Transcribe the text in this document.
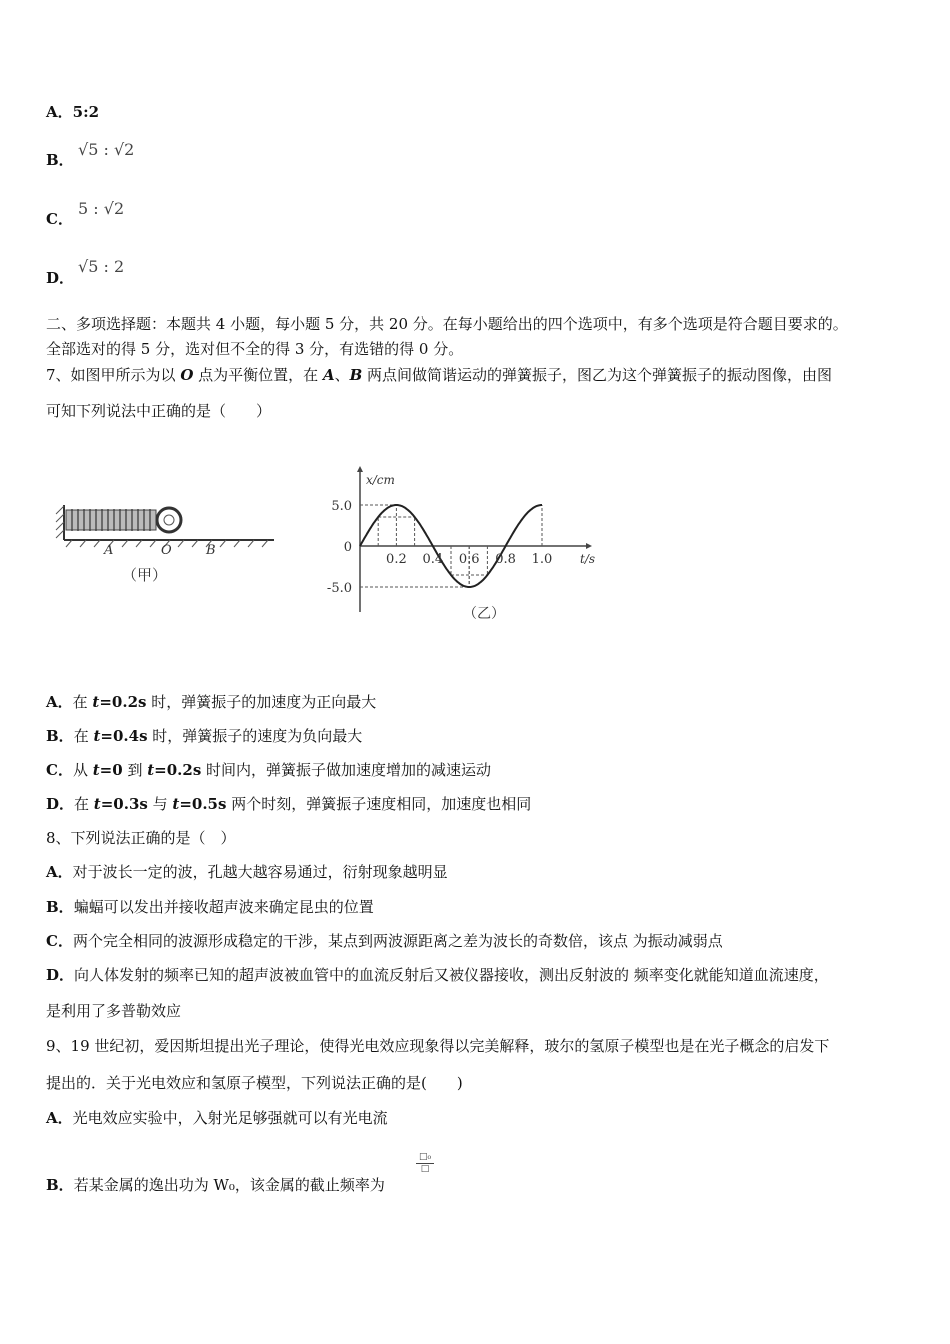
A．5:2
B．
√5 : √2
C．
5 : √2
D．
√5 : 2
二、多项选择题：本题共 4 小题，每小题 5 分，共 20 分。在每小题给出的四个选项中，有多个选项是符合题目要求的。
全部选对的得 5 分，选对但不全的得 3 分，有选错的得 0 分。
7、如图甲所示为以 O 点为平衡位置，在 A、B 两点间做简谐运动的弹簧振子，图乙为这个弹簧振子的振动图像，由图
可知下列说法中正确的是（　　）
A	O	B
（甲）
5.0
0
-5.0
0.2 0.4 0.6 0.8 1.0 t/s
x/cm
（乙）
A．在 t=0.2s 时，弹簧振子的加速度为正向最大
B．在 t=0.4s 时，弹簧振子的速度为负向最大
C．从 t=0 到 t=0.2s 时间内，弹簧振子做加速度增加的减速运动
D．在 t=0.3s 与 t=0.5s 两个时刻，弹簧振子速度相同，加速度也相同
8、下列说法正确的是（　）
A．对于波长一定的波，孔越大越容易通过，衍射现象越明显
B．蝙蝠可以发出并接收超声波来确定昆虫的位置
C．两个完全相同的波源形成稳定的干涉，某点到两波源距离之差为波长的奇数倍，该点 为振动减弱点
D．向人体发射的频率已知的超声波被血管中的血流反射后又被仪器接收，测出反射波的 频率变化就能知道血流速度，
是利用了多普勒效应
9、19 世纪初，爱因斯坦提出光子理论，使得光电效应现象得以完美解释，玻尔的氢原子模型也是在光子概念的启发下
提出的．关于光电效应和氢原子模型，下列说法正确的是(　　)
A．光电效应实验中，入射光足够强就可以有光电流
B．若某金属的逸出功为 W₀，该金属的截止频率为
□₀
□
